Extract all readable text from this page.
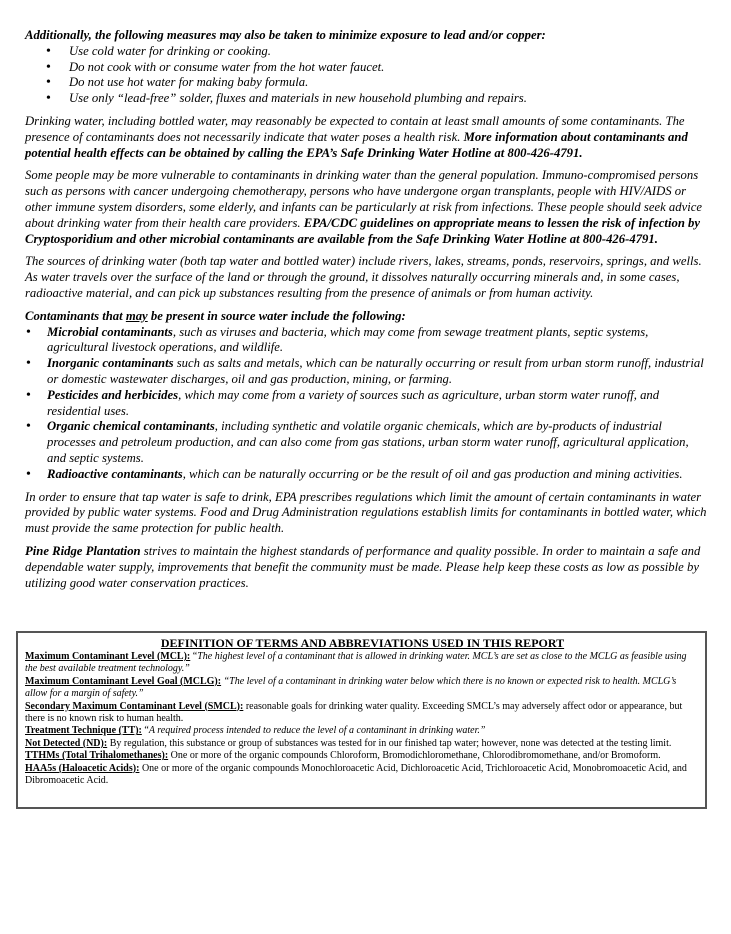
Additionally, the following measures may also be taken to minimize exposure to lead and/or copper:
• Use cold water for drinking or cooking.
• Do not cook with or consume water from the hot water faucet.
• Do not use hot water for making baby formula.
• Use only “lead-free” solder, fluxes and materials in new household plumbing and repairs.

Drinking water, including bottled water, may reasonably be expected to contain at least small amounts of some contaminants. The presence of contaminants does not necessarily indicate that water poses a health risk. More information about contaminants and potential health effects can be obtained by calling the EPA’s Safe Drinking Water Hotline at 800-426-4791.

Some people may be more vulnerable to contaminants in drinking water than the general population. Immuno-compromised persons such as persons with cancer undergoing chemotherapy, persons who have undergone organ transplants, people with HIV/AIDS or other immune system disorders, some elderly, and infants can be particularly at risk from infections. These people should seek advice about drinking water from their health care providers. EPA/CDC guidelines on appropriate means to lessen the risk of infection by Cryptosporidium and other microbial contaminants are available from the Safe Drinking Water Hotline at 800-426-4791.

The sources of drinking water (both tap water and bottled water) include rivers, lakes, streams, ponds, reservoirs, springs, and wells. As water travels over the surface of the land or through the ground, it dissolves naturally occurring minerals and, in some cases, radioactive material, and can pick up substances resulting from the presence of animals or from human activity.

Contaminants that may be present in source water include the following:
• Microbial contaminants, such as viruses and bacteria, which may come from sewage treatment plants, septic systems, agricultural livestock operations, and wildlife.
• Inorganic contaminants such as salts and metals, which can be naturally occurring or result from urban storm runoff, industrial or domestic wastewater discharges, oil and gas production, mining, or farming.
• Pesticides and herbicides, which may come from a variety of sources such as agriculture, urban storm water runoff, and residential uses.
• Organic chemical contaminants, including synthetic and volatile organic chemicals, which are by-products of industrial processes and petroleum production, and can also come from gas stations, urban storm water runoff, agricultural application, and septic systems.
• Radioactive contaminants, which can be naturally occurring or be the result of oil and gas production and mining activities.

In order to ensure that tap water is safe to drink, EPA prescribes regulations which limit the amount of certain contaminants in water provided by public water systems. Food and Drug Administration regulations establish limits for contaminants in bottled water, which must provide the same protection for public health.

Pine Ridge Plantation strives to maintain the highest standards of performance and quality possible. In order to maintain a safe and dependable water supply, improvements that benefit the community must be made. Please help keep these costs as low as possible by utilizing good water conservation practices.

DEFINITION OF TERMS AND ABBREVIATIONS USED IN THIS REPORT
Maximum Contaminant Level (MCL): “The highest level of a contaminant that is allowed in drinking water. MCL’s are set as close to the MCLG as feasible using the best available treatment technology.”
Maximum Contaminant Level Goal (MCLG): “The level of a contaminant in drinking water below which there is no known or expected risk to health. MCLG’s allow for a margin of safety.”
Secondary Maximum Contaminant Level (SMCL): reasonable goals for drinking water quality. Exceeding SMCL’s may adversely affect odor or appearance, but there is no known risk to human health.
Treatment Technique (TT): “A required process intended to reduce the level of a contaminant in drinking water.”
Not Detected (ND): By regulation, this substance or group of substances was tested for in our finished tap water; however, none was detected at the testing limit.
TTHMs (Total Trihalomethanes): One or more of the organic compounds Chloroform, Bromodichloromethane, Chlorodibromomethane, and/or Bromoform.
HAA5s (Haloacetic Acids): One or more of the organic compounds Monochloroacetic Acid, Dichloroacetic Acid, Trichloroacetic Acid, Monobromoacetic Acid, and Dibromoacetic Acid.
